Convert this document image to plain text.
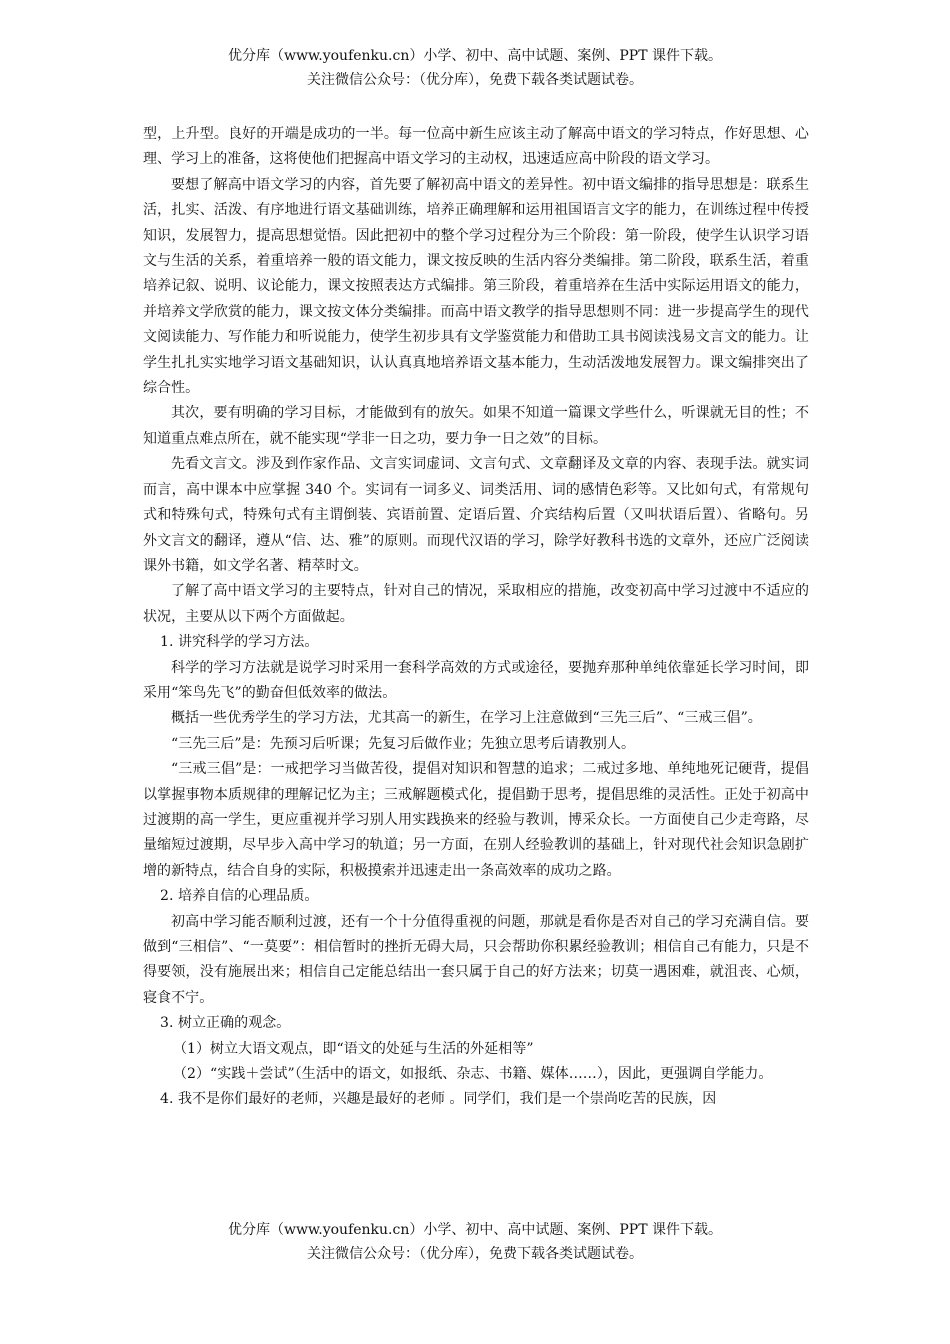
优分库（www.youfenku.cn）小学、初中、高中试题、案例、PPT 课件下载。
关注微信公众号：（优分库），免费下载各类试题试卷。

型，上升型。良好的开端是成功的一半。每一位高中新生应该主动了解高中语文的学习特点，作好思想、心理、学习上的准备，这将使他们把握高中语文学习的主动权，迅速适应高中阶段的语文学习。

要想了解高中语文学习的内容，首先要了解初高中语文的差异性。初中语文编排的指导思想是：联系生活，扎实、活泼、有序地进行语文基础训练，培养正确理解和运用祖国语言文字的能力，在训练过程中传授知识，发展智力，提高思想觉悟。因此把初中的整个学习过程分为三个阶段：第一阶段，使学生认识学习语文与生活的关系，着重培养一般的语文能力，课文按反映的生活内容分类编排。第二阶段，联系生活，着重培养记叙、说明、议论能力，课文按照表达方式编排。第三阶段，着重培养在生活中实际运用语文的能力，并培养文学欣赏的能力，课文按文体分类编排。而高中语文教学的指导思想则不同：进一步提高学生的现代文阅读能力、写作能力和听说能力，使学生初步具有文学鉴赏能力和借助工具书阅读浅易文言文的能力。让学生扎扎实实地学习语文基础知识，认认真真地培养语文基本能力，生动活泼地发展智力。课文编排突出了综合性。

其次，要有明确的学习目标，才能做到有的放矢。如果不知道一篇课文学些什么，听课就无目的性；不知道重点难点所在，就不能实现“学非一日之功，要力争一日之效”的目标。

先看文言文。涉及到作家作品、文言实词虚词、文言句式、文章翻译及文章的内容、表现手法。就实词而言，高中课本中应掌握 340 个。实词有一词多义、词类活用、词的感情色彩等。又比如句式，有常规句式和特殊句式，特殊句式有主谓倒装、宾语前置、定语后置、介宾结构后置（又叫状语后置）、省略句。另外文言文的翻译，遵从“信、达、雅”的原则。而现代汉语的学习，除学好教科书选的文章外，还应广泛阅读课外书籍，如文学名著、精萃时文。

了解了高中语文学习的主要特点，针对自己的情况，采取相应的措施，改变初高中学习过渡中不适应的状况，主要从以下两个方面做起。

1. 讲究科学的学习方法。

科学的学习方法就是说学习时采用一套科学高效的方式或途径，要抛弃那种单纯依靠延长学习时间，即采用“笨鸟先飞”的勤奋但低效率的做法。

概括一些优秀学生的学习方法，尤其高一的新生，在学习上注意做到“三先三后”、“三戒三倡”。

“三先三后”是：先预习后听课；先复习后做作业；先独立思考后请教别人。

“三戒三倡”是：一戒把学习当做苦役，提倡对知识和智慧的追求；二戒过多地、单纯地死记硬背，提倡以掌握事物本质规律的理解记忆为主；三戒解题模式化，提倡勤于思考，提倡思维的灵活性。正处于初高中过渡期的高一学生，更应重视并学习别人用实践换来的经验与教训，博采众长。一方面使自己少走弯路，尽量缩短过渡期，尽早步入高中学习的轨道；另一方面，在别人经验教训的基础上，针对现代社会知识急剧扩增的新特点，结合自身的实际，积极摸索并迅速走出一条高效率的成功之路。

2. 培养自信的心理品质。

初高中学习能否顺利过渡，还有一个十分值得重视的问题，那就是看你是否对自己的学习充满自信。要做到“三相信”、“一莫要”：相信暂时的挫折无碍大局，只会帮助你积累经验教训；相信自己有能力，只是不得要领，没有施展出来；相信自己定能总结出一套只属于自己的好方法来；切莫一遇困难，就沮丧、心烦，寝食不宁。

3. 树立正确的观念。

（1）树立大语文观点，即“语文的处延与生活的外延相等”

（2）“实践＋尝试”（生活中的语文，如报纸、杂志、书籍、媒体……），因此，更强调自学能力。

4. 我不是你们最好的老师，兴趣是最好的老师 。同学们，我们是一个崇尚吃苦的民族，因

优分库（www.youfenku.cn）小学、初中、高中试题、案例、PPT 课件下载。
关注微信公众号：（优分库），免费下载各类试题试卷。
